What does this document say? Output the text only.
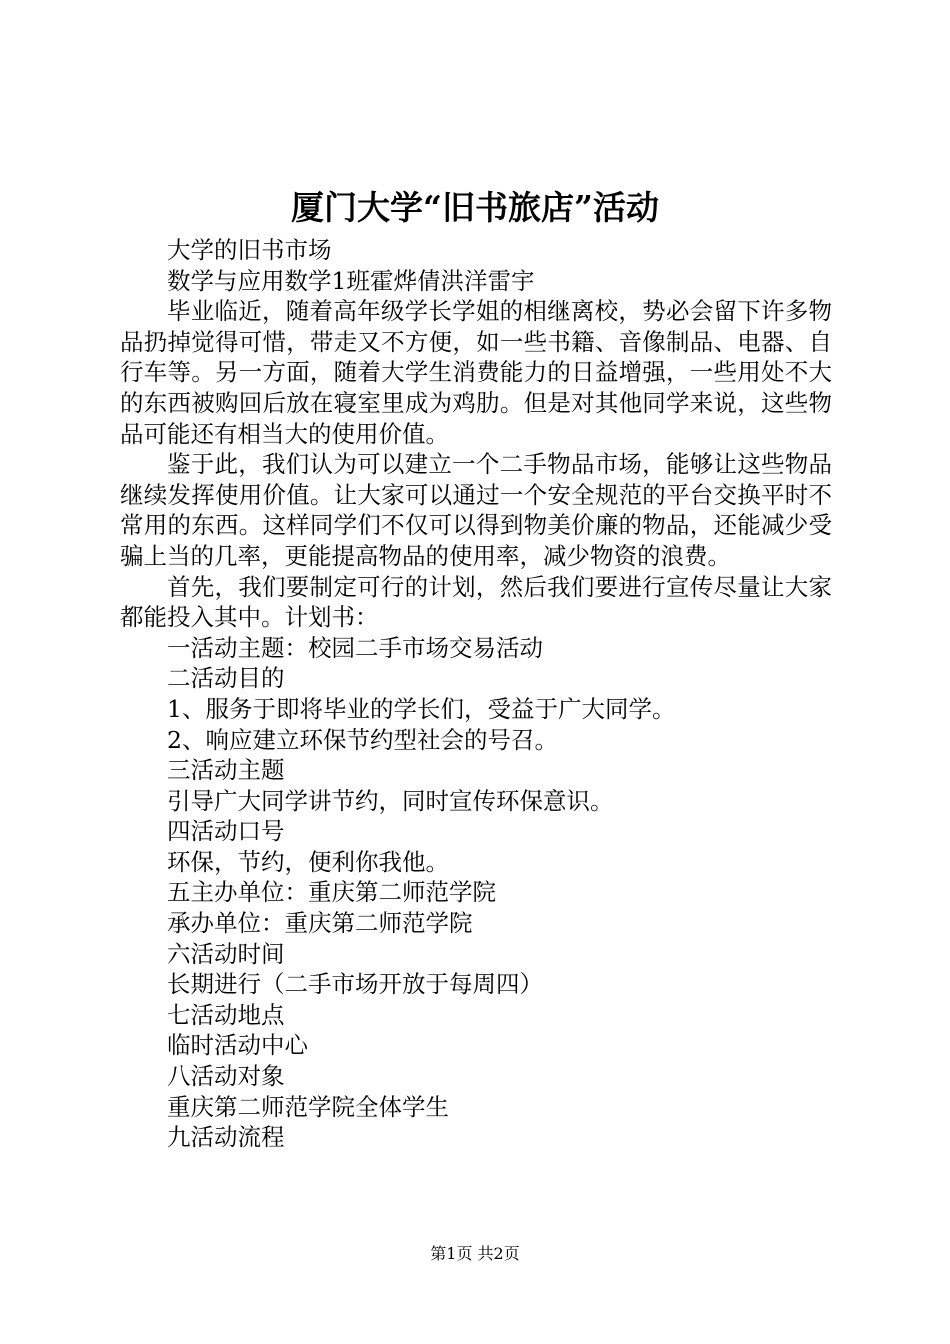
厦门大学“旧书旅店”活动

大学的旧书市场

数学与应用数学1班霍烨倩洪洋雷宇

毕业临近，随着高年级学长学姐的相继离校，势必会留下许多物品扔掉觉得可惜，带走又不方便，如一些书籍、音像制品、电器、自行车等。另一方面，随着大学生消费能力的日益增强，一些用处不大的东西被购回后放在寝室里成为鸡肋。但是对其他同学来说，这些物品可能还有相当大的使用价值。

鉴于此，我们认为可以建立一个二手物品市场，能够让这些物品继续发挥使用价值。让大家可以通过一个安全规范的平台交换平时不常用的东西。这样同学们不仅可以得到物美价廉的物品，还能减少受骗上当的几率，更能提高物品的使用率，减少物资的浪费。

首先，我们要制定可行的计划，然后我们要进行宣传尽量让大家都能投入其中。计划书：

一活动主题：校园二手市场交易活动

二活动目的

1、服务于即将毕业的学长们，受益于广大同学。

2、响应建立环保节约型社会的号召。

三活动主题

引导广大同学讲节约，同时宣传环保意识。

四活动口号

环保，节约，便利你我他。

五主办单位：重庆第二师范学院

承办单位：重庆第二师范学院

六活动时间

长期进行（二手市场开放于每周四）

七活动地点

临时活动中心

八活动对象

重庆第二师范学院全体学生

九活动流程

第1页 共2页
